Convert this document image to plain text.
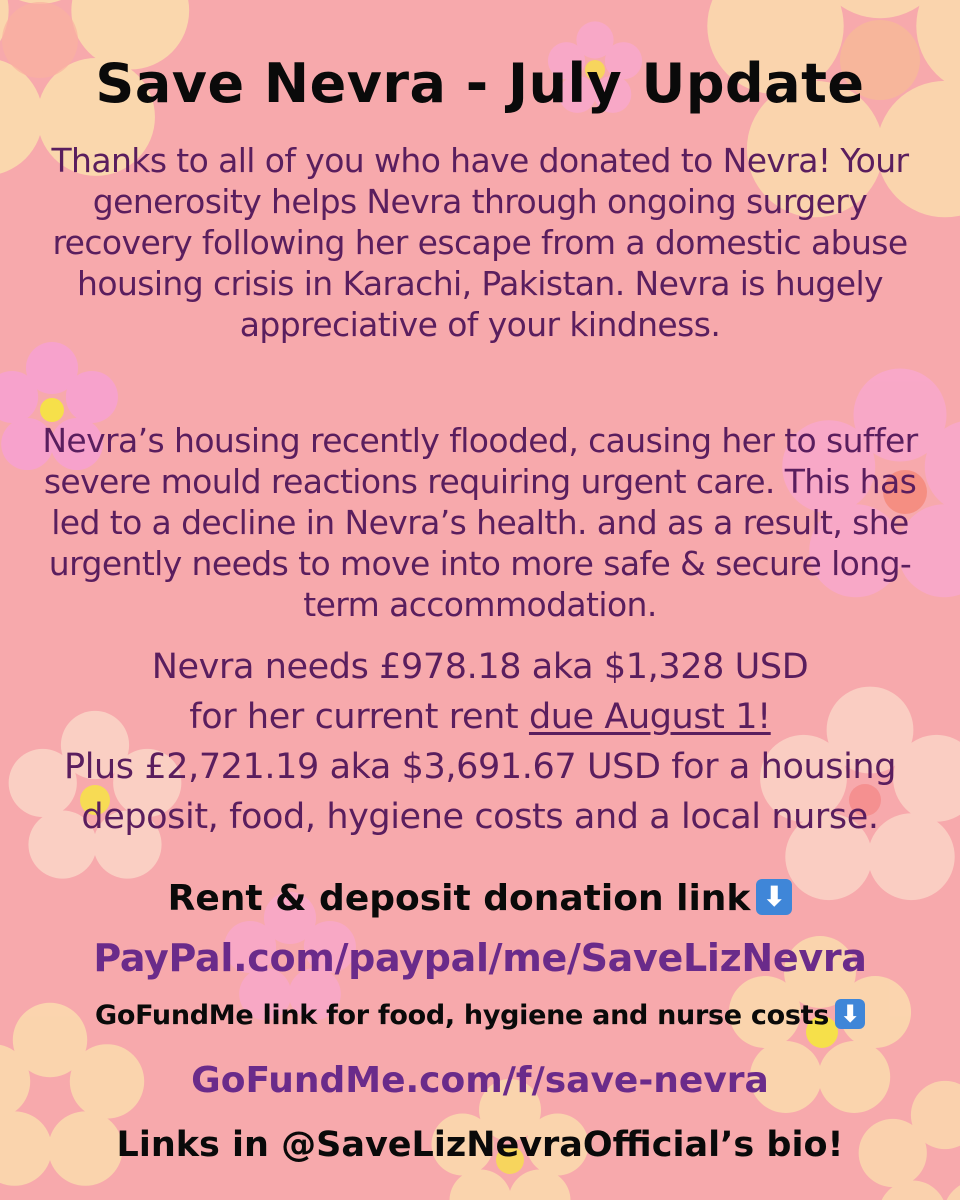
Save Nevra - July Update

Thanks to all of you who have donated to Nevra! Your generosity helps Nevra through ongoing surgery recovery following her escape from a domestic abuse housing crisis in Karachi, Pakistan. Nevra is hugely appreciative of your kindness.

Nevra’s housing recently flooded, causing her to suffer severe mould reactions requiring urgent care. This has led to a decline in Nevra’s health. and as a result, she urgently needs to move into more safe & secure long-term accommodation.

Nevra needs £978.18 aka $1,328 USD
for her current rent due August 1!
Plus £2,721.19 aka $3,691.67 USD for a housing deposit, food, hygiene costs and a local nurse.
Rent & deposit donation link ⬇
PayPal.com/paypal/me/SaveLizNevra
GoFundMe link for food, hygiene and nurse costs ⬇
GoFundMe.com/f/save-nevra
Links in @SaveLizNevraOfficial’s bio!
